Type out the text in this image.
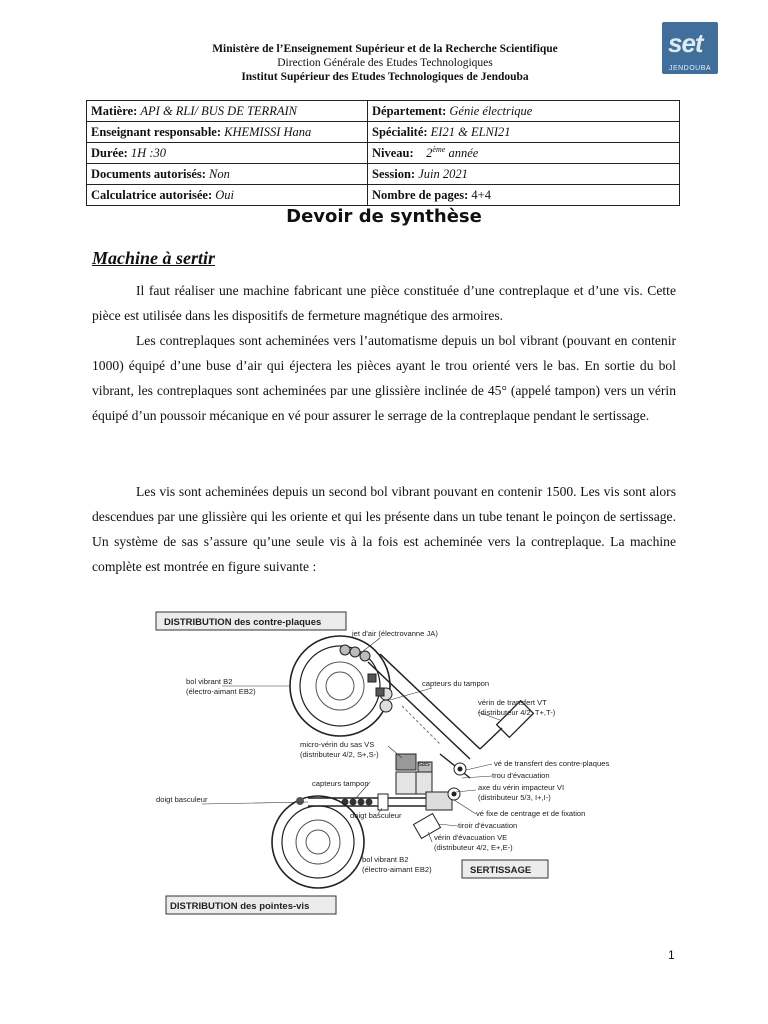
Ministère de l’Enseignement Supérieur et de la Recherche Scientifique
Direction Générale des Etudes Technologiques
Institut Supérieur des Etudes Technologiques de Jendouba
set
JENDOUBA
Matière: API & RLI/ BUS DE TERRAIN	Département: Génie électrique
Enseignant responsable: KHEMISSI Hana	Spécialité: EI21 & ELNI21
Durée: 1H :30	Niveau: 2ème année
Documents autorisés: Non	Session: Juin 2021
Calculatrice autorisée: Oui	Nombre de pages: 4+4
Devoir de synthèse
Machine à sertir
Il faut réaliser une machine fabricant une pièce constituée d’une contreplaque et d’une vis. Cette pièce est utilisée dans les dispositifs de fermeture magnétique des armoires.
Les contreplaques sont acheminées vers l’automatisme depuis un bol vibrant (pouvant en contenir 1000) équipé d’une buse d’air qui éjectera les pièces ayant le trou orienté vers le bas. En sortie du bol vibrant, les contreplaques sont acheminées par une glissière inclinée de 45° (appelé tampon) vers un vérin équipé d’un poussoir mécanique en vé pour assurer le serrage de la contreplaque pendant le sertissage.
Les vis sont acheminées depuis un second bol vibrant pouvant en contenir 1500. Les vis sont alors descendues par une glissière qui les oriente et qui les présente dans un tube tenant le poinçon de sertissage. Un système de sas s’assure qu’une seule vis à la fois est acheminée vers la contreplaque. La machine complète est montrée en figure suivante :
DISTRIBUTION des contre-plaques
DISTRIBUTION des pointes-vis
SERTISSAGE
jet d'air (électrovanne JA)
bol vibrant B2
(électro-aimant EB2)
capteurs du tampon
vérin de transfert VT
(distributeur 4/2, T+,T-)
micro-vérin du sas VS
(distributeur 4/2, S+,S-)
sas	vé de transfert des contre-plaques
trou d'évacuation
axe du vérin impacteur VI
(distributeur 5/3, I+,I-)
capteurs tampon
doigt basculeur
doigt basculeur	vé fixe de centrage et de fixation
tiroir d'évacuation
vérin d'évacuation VE
(distributeur 4/2, E+,E-)
bol vibrant B2
(électro-aimant EB2)
1
